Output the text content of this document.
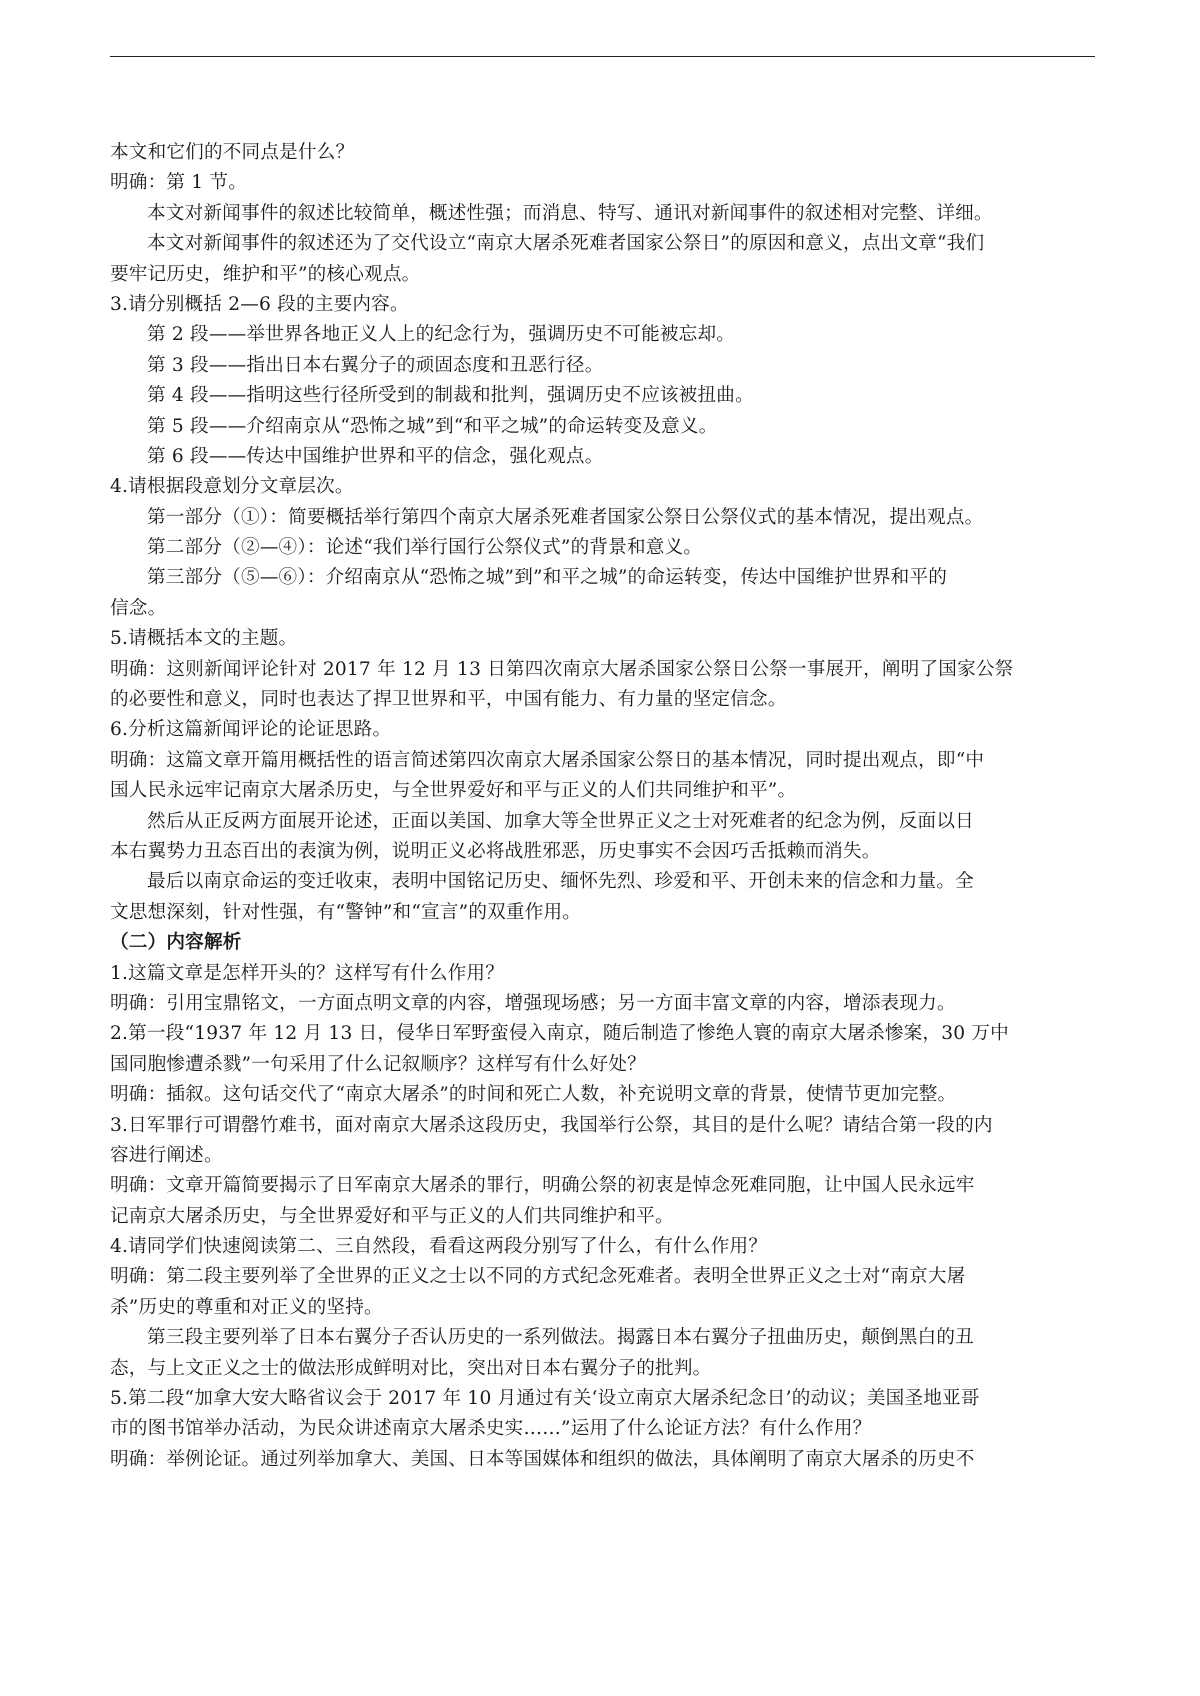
本文和它们的不同点是什么？
明确：第 1 节。
本文对新闻事件的叙述比较简单，概述性强；而消息、特写、通讯对新闻事件的叙述相对完整、详细。
本文对新闻事件的叙述还为了交代设立“南京大屠杀死难者国家公祭日”的原因和意义，点出文章“我们
要牢记历史，维护和平”的核心观点。
3.请分别概括 2—6 段的主要内容。
第 2 段——举世界各地正义人上的纪念行为，强调历史不可能被忘却。
第 3 段——指出日本右翼分子的顽固态度和丑恶行径。
第 4 段——指明这些行径所受到的制裁和批判，强调历史不应该被扭曲。
第 5 段——介绍南京从“恐怖之城”到“和平之城”的命运转变及意义。
第 6 段——传达中国维护世界和平的信念，强化观点。
4.请根据段意划分文章层次。
第一部分（①）：简要概括举行第四个南京大屠杀死难者国家公祭日公祭仪式的基本情况，提出观点。
第二部分（②—④）：论述“我们举行国行公祭仪式”的背景和意义。
第三部分（⑤—⑥）：介绍南京从“恐怖之城”到”和平之城”的命运转变，传达中国维护世界和平的
信念。
5.请概括本文的主题。
明确：这则新闻评论针对 2017 年 12 月 13 日第四次南京大屠杀国家公祭日公祭一事展开，阐明了国家公祭
的必要性和意义，同时也表达了捍卫世界和平，中国有能力、有力量的坚定信念。
6.分析这篇新闻评论的论证思路。
明确：这篇文章开篇用概括性的语言简述第四次南京大屠杀国家公祭日的基本情况，同时提出观点，即“中
国人民永远牢记南京大屠杀历史，与全世界爱好和平与正义的人们共同维护和平”。
然后从正反两方面展开论述，正面以美国、加拿大等全世界正义之士对死难者的纪念为例，反面以日
本右翼势力丑态百出的表演为例，说明正义必将战胜邪恶，历史事实不会因巧舌抵赖而消失。
最后以南京命运的变迁收束，表明中国铭记历史、缅怀先烈、珍爱和平、开创未来的信念和力量。全
文思想深刻，针对性强，有“警钟”和“宣言”的双重作用。
（二）内容解析
1.这篇文章是怎样开头的？这样写有什么作用？
明确：引用宝鼎铭文，一方面点明文章的内容，增强现场感；另一方面丰富文章的内容，增添表现力。
2.第一段“1937 年 12 月 13 日，侵华日军野蛮侵入南京，随后制造了惨绝人寰的南京大屠杀惨案，30 万中
国同胞惨遭杀戮”一句采用了什么记叙顺序？这样写有什么好处？
明确：插叙。这句话交代了“南京大屠杀”的时间和死亡人数，补充说明文章的背景，使情节更加完整。
3.日军罪行可谓罄竹难书，面对南京大屠杀这段历史，我国举行公祭，其目的是什么呢？请结合第一段的内
容进行阐述。
明确：文章开篇简要揭示了日军南京大屠杀的罪行，明确公祭的初衷是悼念死难同胞，让中国人民永远牢
记南京大屠杀历史，与全世界爱好和平与正义的人们共同维护和平。
4.请同学们快速阅读第二、三自然段，看看这两段分别写了什么，有什么作用？
明确：第二段主要列举了全世界的正义之士以不同的方式纪念死难者。表明全世界正义之士对“南京大屠
杀”历史的尊重和对正义的坚持。
第三段主要列举了日本右翼分子否认历史的一系列做法。揭露日本右翼分子扭曲历史，颠倒黑白的丑
态，与上文正义之士的做法形成鲜明对比，突出对日本右翼分子的批判。
5.第二段“加拿大安大略省议会于 2017 年 10 月通过有关‘设立南京大屠杀纪念日’的动议；美国圣地亚哥
市的图书馆举办活动，为民众讲述南京大屠杀史实……”运用了什么论证方法？有什么作用？
明确：举例论证。通过列举加拿大、美国、日本等国媒体和组织的做法，具体阐明了南京大屠杀的历史不
